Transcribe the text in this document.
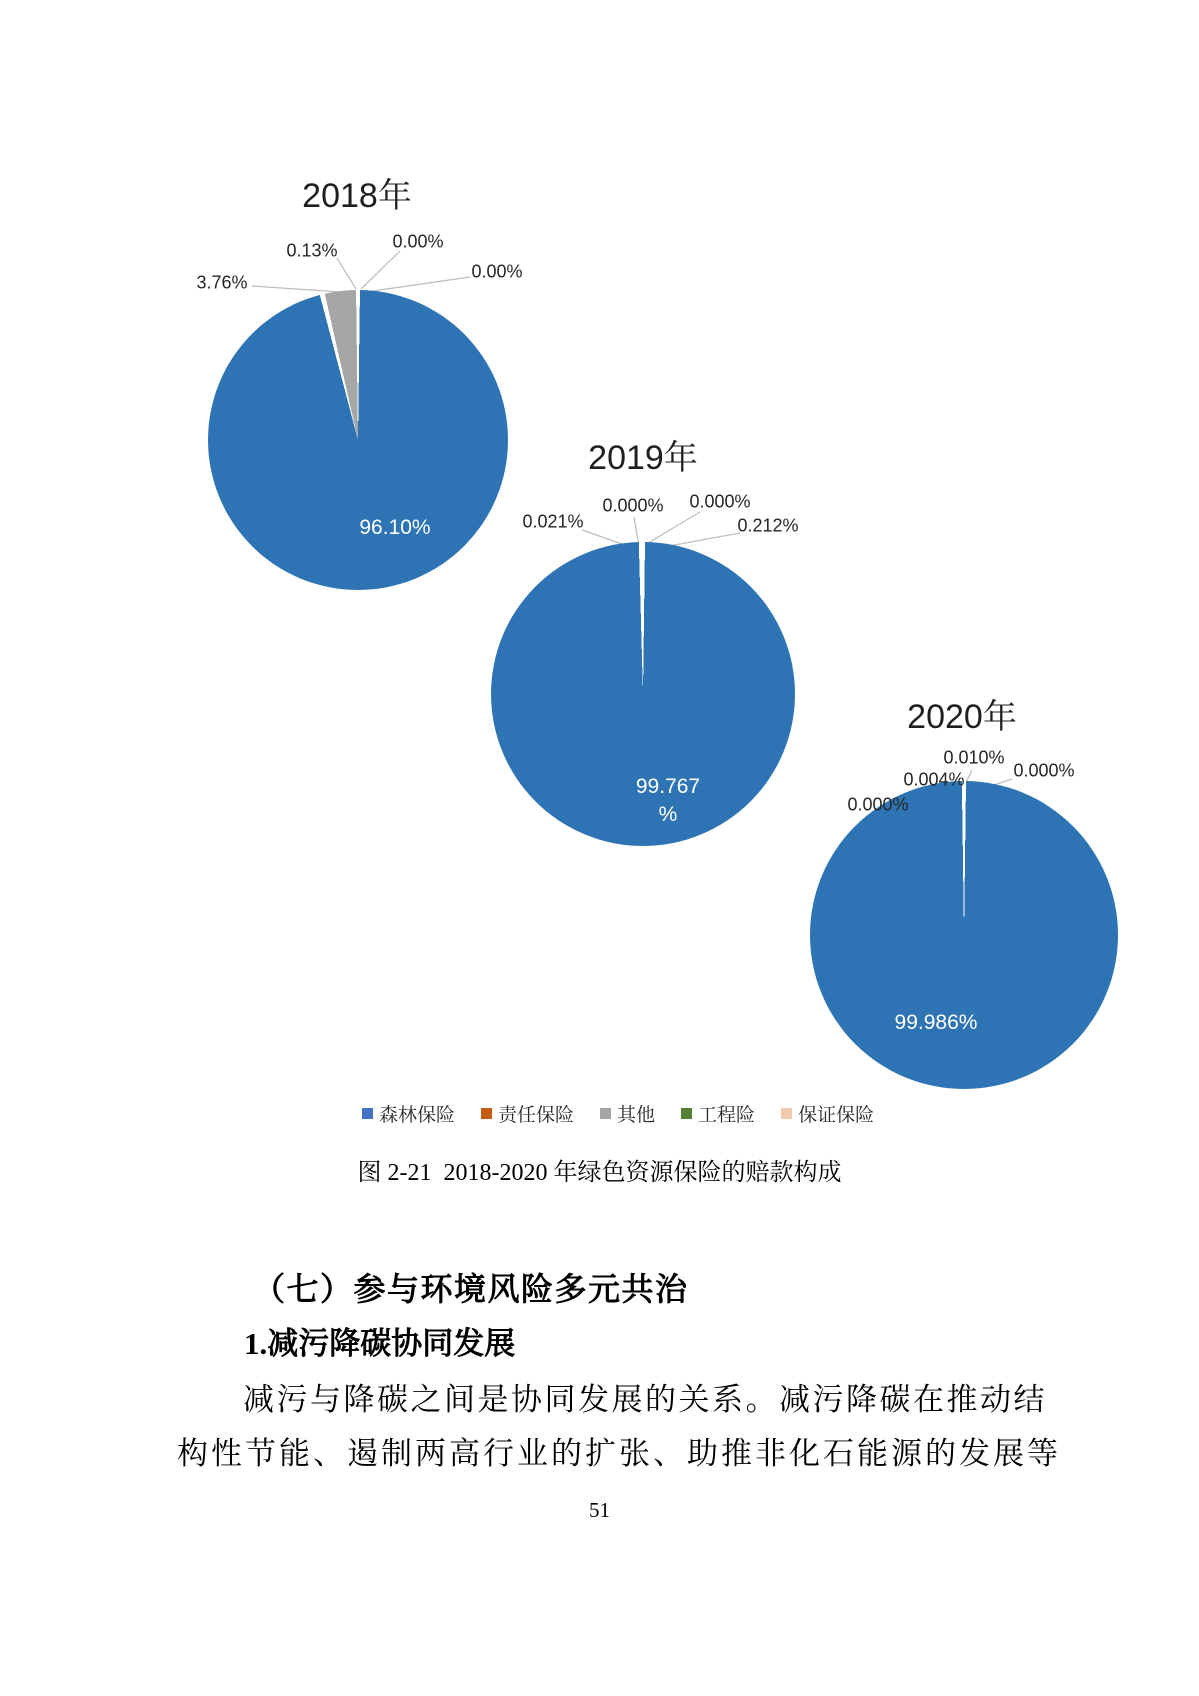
2018年
3.76%
0.13%	0.00%
0.00%
96.10%
2019年
0.021%
0.000% 0.000%
0.212%
99.767
%
2020年
0.000%
0.004%
0.010%
0.000%
99.986%
森林保险 责任保险 其他 工程险 保证保险
图 2-21  2018-2020 年绿色资源保险的赔款构成
（七）参与环境风险多元共治
1.减污降碳协同发展
减污与降碳之间是协同发展的关系。减污降碳在推动结
构性节能、遏制两高行业的扩张、助推非化石能源的发展等
51
